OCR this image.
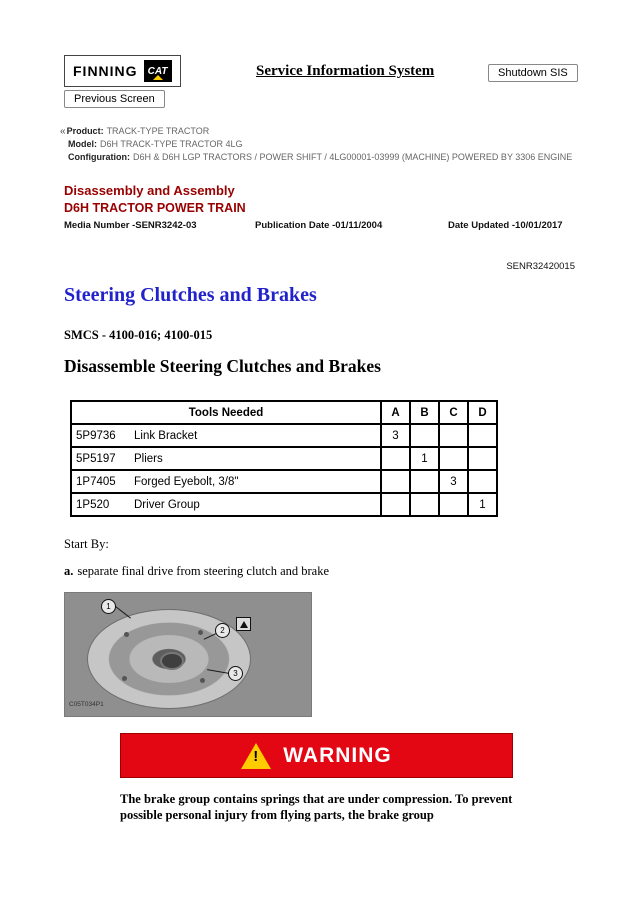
FINNING CAT	Service Information System	Shutdown SIS
Previous Screen
«Product: TRACK-TYPE TRACTOR
Model: D6H TRACK-TYPE TRACTOR 4LG
Configuration: D6H & D6H LGP TRACTORS / POWER SHIFT / 4LG00001-03999 (MACHINE) POWERED BY 3306 ENGINE
Disassembly and Assembly
D6H TRACTOR POWER TRAIN
Media Number -SENR3242-03	Publication Date -01/11/2004	Date Updated -10/01/2017
SENR32420015
Steering Clutches and Brakes
SMCS - 4100-016; 4100-015
Disassemble Steering Clutches and Brakes
Tools Needed	A	B	C	D
5P9736 Link Bracket	3			
5P5197 Pliers		1		
1P7405 Forged Eyebolt, 3/8"			3	
1P520 Driver Group				1
Start By:
a. separate final drive from steering clutch and brake
1
2
3
C05T034P1
! WARNING
The brake group contains springs that are under compression. To prevent possible personal injury from flying parts, the brake group
